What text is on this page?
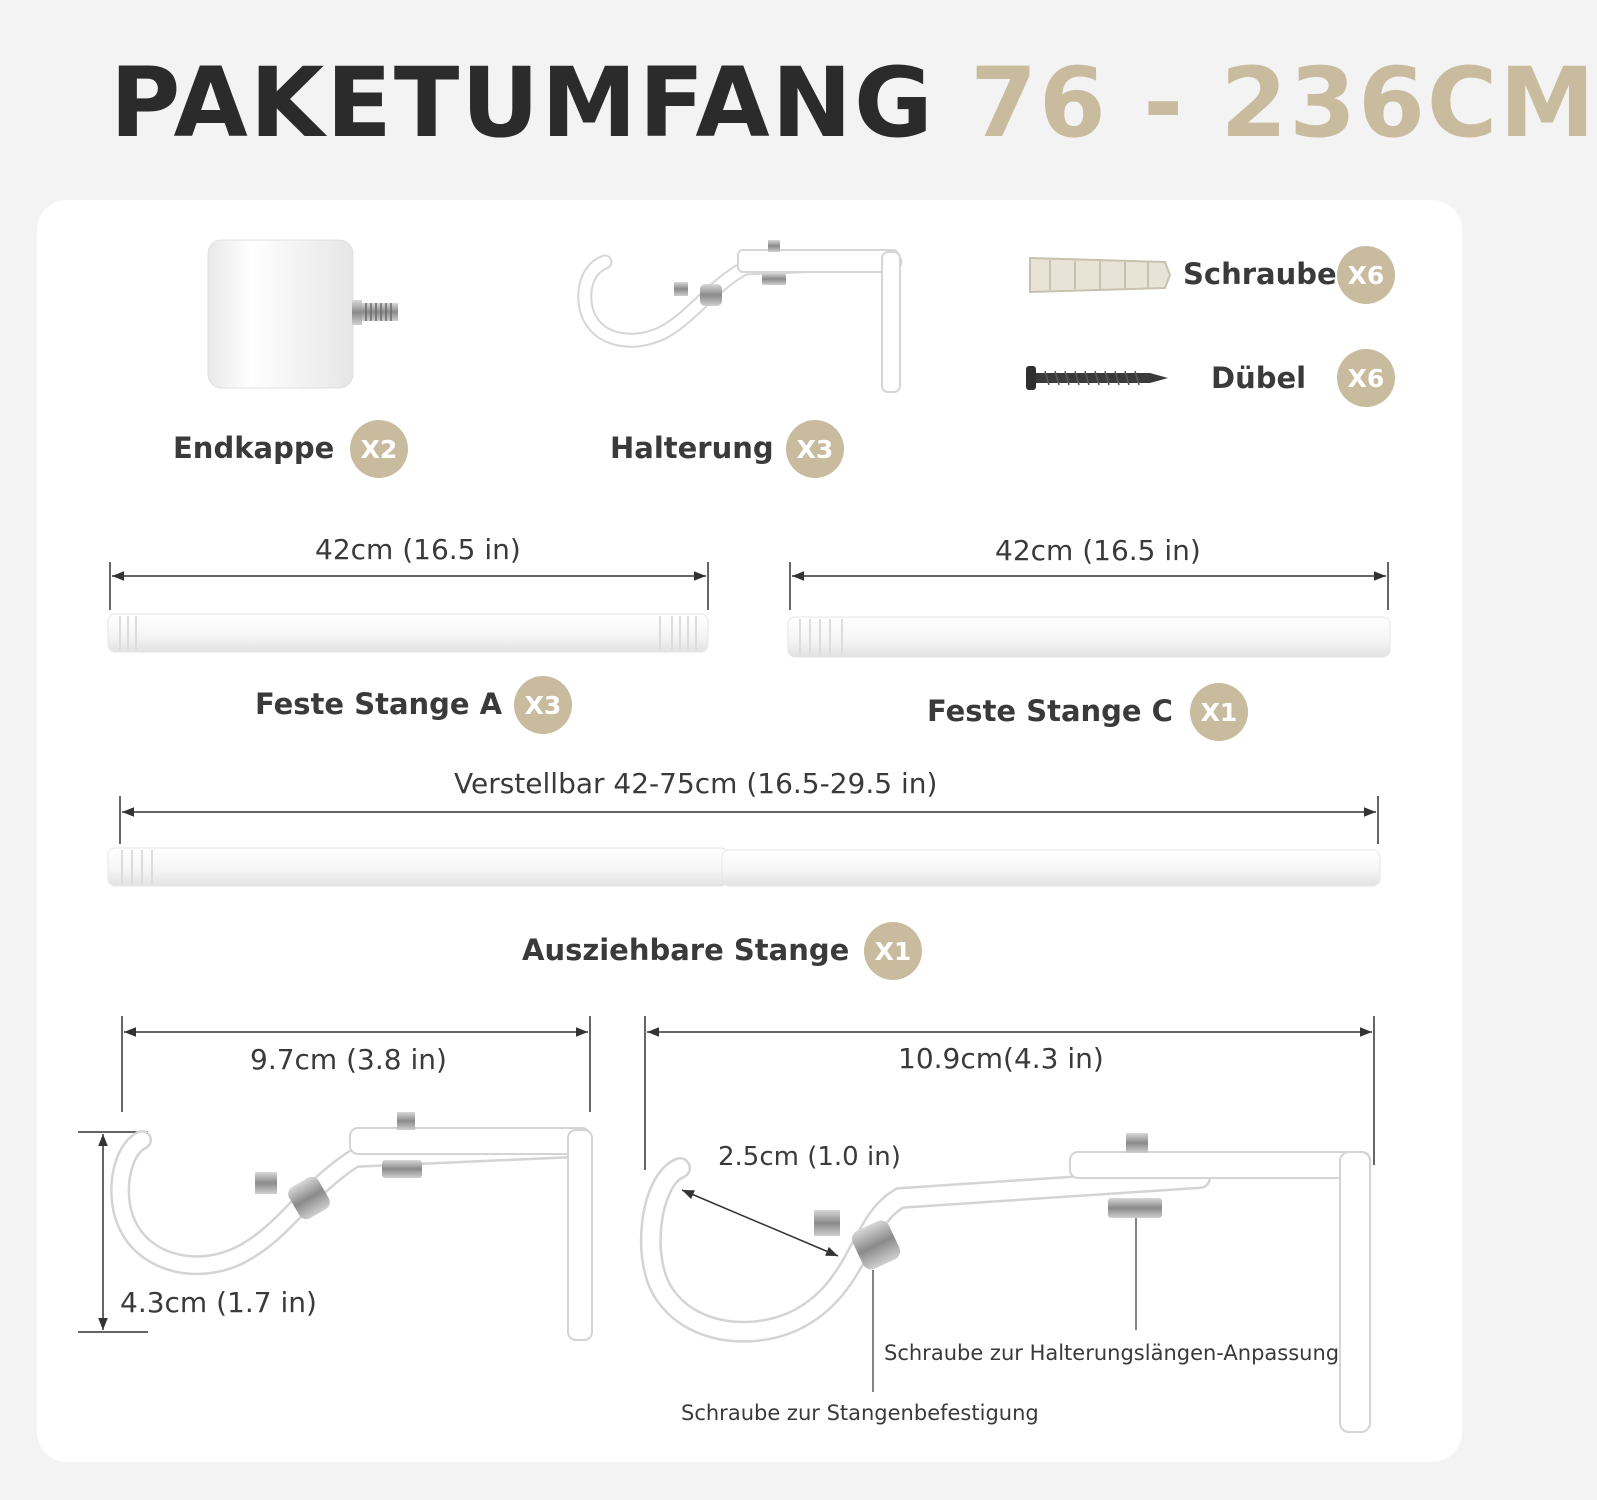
PAKETUMFANG 76 - 236CM
Endkappe	X2	Halterung X3
Schraube X6
Dübel	X6
42cm (16.5 in)	42cm (16.5 in)
Feste Stange A X3	Feste Stange C	X1
Verstellbar 42-75cm (16.5-29.5 in)
Ausziehbare Stange	X1
9.7cm (3.8 in)
4.3cm (1.7 in)
10.9cm(4.3 in)
2.5cm (1.0 in)
Schraube zur Halterungslängen-Anpassung
Schraube zur Stangenbefestigung
